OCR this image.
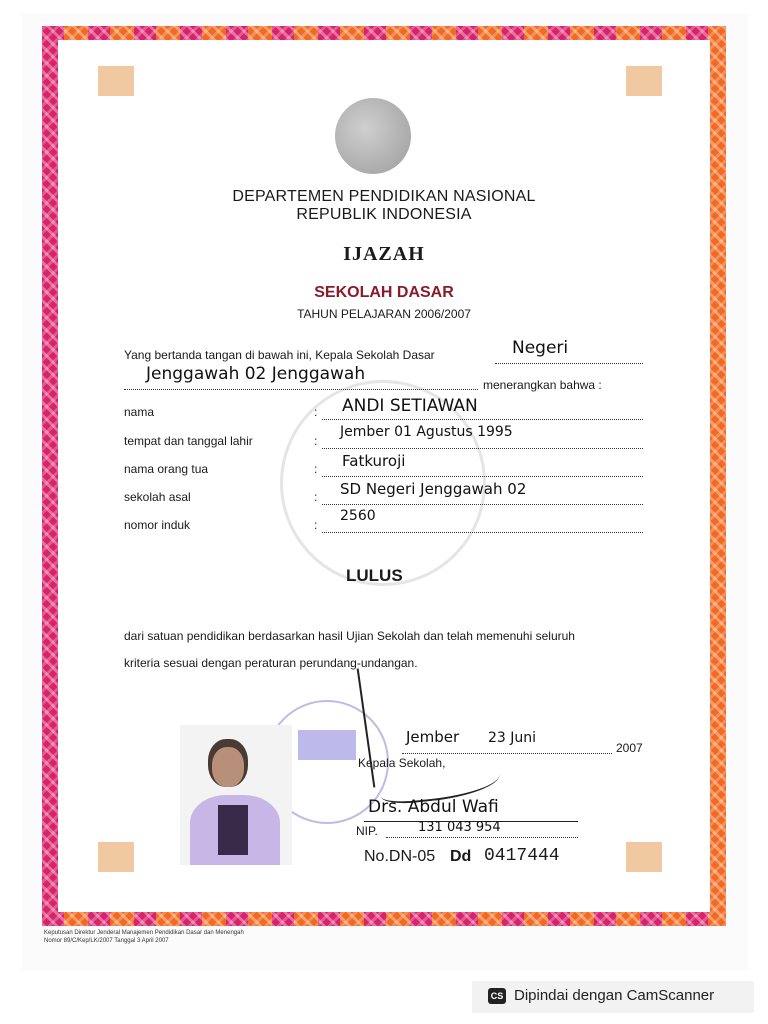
DEPARTEMEN PENDIDIKAN NASIONAL
REPUBLIK INDONESIA
IJAZAH
SEKOLAH DASAR
TAHUN PELAJARAN 2006/2007
Yang bertanda tangan di bawah ini, Kepala Sekolah Dasar	Negeri
Jenggawah 02 Jenggawah
menerangkan bahwa :
nama	: ANDI SETIAWAN
tempat dan tanggal lahir	:
Jember 01 Agustus 1995
nama orang tua	: Fatkuroji
sekolah asal	: SD Negeri Jenggawah 02
nomor induk	:
2560
LULUS
dari satuan pendidikan berdasarkan hasil Ujian Sekolah dan telah memenuhi seluruh
kriteria sesuai dengan peraturan perundang-undangan.
Jember 23 Juni
2007
Kepala Sekolah,
Drs. Abdul Wafi
NIP.	131 043 954
No.DN-05 Dd 0417444
Keputusan Direktur Jenderal Manajemen Pendidikan Dasar dan Menengah
Nomor 89/C/Kep/LK/2007 Tanggal 3 April 2007
CS Dipindai dengan CamScanner
